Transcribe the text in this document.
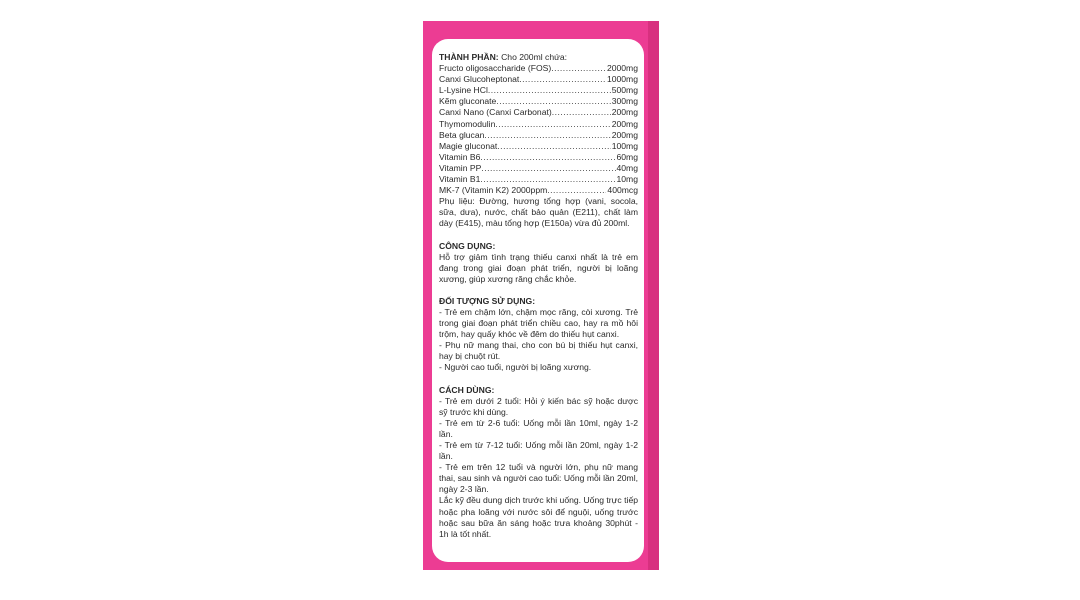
THÀNH PHẦN: Cho 200ml chứa:
Fructo oligosaccharide (FOS) .....	2000mg
Canxi Glucoheptonat .....	1000mg
L-Lysine HCl .....	500mg
Kẽm gluconate .....	300mg
Canxi Nano (Canxi Carbonat) .....	200mg
Thymomodulin .....	200mg
Beta glucan .....	200mg
Magie gluconat .....	100mg
Vitamin B6 .....	60mg
Vitamin PP .....	40mg
Vitamin B1 .....	10mg
MK-7 (Vitamin K2) 2000ppm .....	400mcg
Phụ liệu: Đường, hương tổng hợp (vani, socola, sữa, dưa), nước, chất bảo quản (E211), chất làm dày (E415), màu tổng hợp (E150a) vừa đủ 200ml.
CÔNG DỤNG:
Hỗ trợ giảm tình trạng thiếu canxi nhất là trẻ em đang trong giai đoạn phát triển, người bị loãng xương, giúp xương răng chắc khỏe.
ĐỐI TƯỢNG SỬ DỤNG:
- Trẻ em chậm lớn, chậm mọc răng, còi xương. Trẻ trong giai đoạn phát triển chiều cao, hay ra mồ hôi trộm, hay quấy khóc về đêm do thiếu hụt canxi.
- Phụ nữ mang thai, cho con bú bị thiếu hụt canxi, hay bị chuột rút.
- Người cao tuổi, người bị loãng xương.
CÁCH DÙNG:
- Trẻ em dưới 2 tuổi: Hỏi ý kiến bác sỹ hoặc dược sỹ trước khi dùng.
- Trẻ em từ 2-6 tuổi: Uống mỗi lần 10ml, ngày 1-2 lần.
- Trẻ em từ 7-12 tuổi: Uống mỗi lần 20ml, ngày 1-2 lần.
- Trẻ em trên 12 tuổi và người lớn, phụ nữ mang thai, sau sinh và người cao tuổi: Uống mỗi lần 20ml, ngày 2-3 lần.
Lắc kỹ đều dung dịch trước khi uống. Uống trực tiếp hoặc pha loãng với nước sôi để nguội, uống trước hoặc sau bữa ăn sáng hoặc trưa khoảng 30phút - 1h là tốt nhất.
